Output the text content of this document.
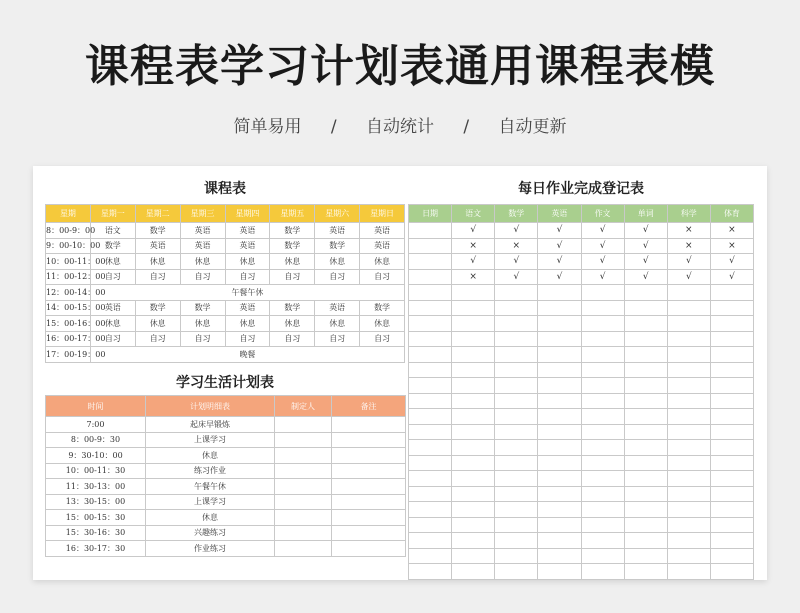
课程表学习计划表通用课程表模
简单易用 / 自动统计 / 自动更新
课程表
星期	星期一	星期二	星期三	星期四	星期五	星期六	星期日
8：00-9：00	语文	数学	英语	英语	数学	英语	英语
9：00-10：00	数学	英语	英语	英语	数学	数学	英语
10：00-11：00	休息	休息	休息	休息	休息	休息	休息
11：00-12：00	自习	自习	自习	自习	自习	自习	自习
12：00-14：00	午餐午休						
14：00-15：00	英语	数学	数学	英语	数学	英语	数学
15：00-16：00	休息	休息	休息	休息	休息	休息	休息
16：00-17：00	自习	自习	自习	自习	自习	自习	自习
17：00-19：00	晚餐						
学习生活计划表
时间	计划明细表	制定人	备注
7:00	起床早锻炼		
8：00-9：30	上课学习		
9：30-10：00	休息		
10：00-11：30	练习作业		
11：30-13：00	午餐午休		
13：30-15：00	上课学习		
15：00-15：30	休息		
15：30-16：30	兴趣练习		
16：30-17：30	作业练习		
每日作业完成登记表
日期	语文	数学	英语	作文	单词	科学	体育
	√	√	√	√	√	×	×
	×	×	√	√	√	×	×
	√	√	√	√	√	√	√
	×	√	√	√	√	√	√
